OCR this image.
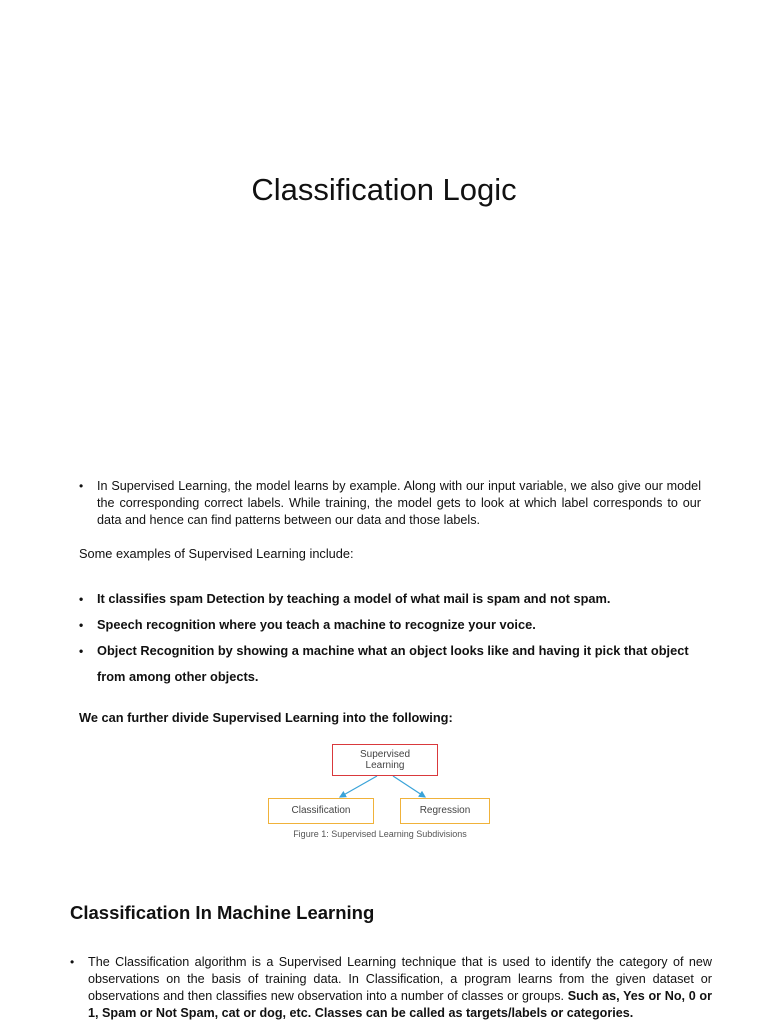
Classification Logic
• In Supervised Learning, the model learns by example. Along with our input variable, we also give our model the corresponding correct labels. While training, the model gets to look at which label corresponds to our data and hence can find patterns between our data and those labels.
Some examples of Supervised Learning include:
• It classifies spam Detection by teaching a model of what mail is spam and not spam.
• Speech recognition where you teach a machine to recognize your voice.
• Object Recognition by showing a machine what an object looks like and having it pick that object from among other objects.
We can further divide Supervised Learning into the following:
Supervised
Learning
Classification	Regression
Figure 1: Supervised Learning Subdivisions
Classification In Machine Learning
• The Classification algorithm is a Supervised Learning technique that is used to identify the category of new observations on the basis of training data. In Classification, a program learns from the given dataset or observations and then classifies new observation into a number of classes or groups. Such as, Yes or No, 0 or 1, Spam or Not Spam, cat or dog, etc. Classes can be called as targets/labels or categories.
